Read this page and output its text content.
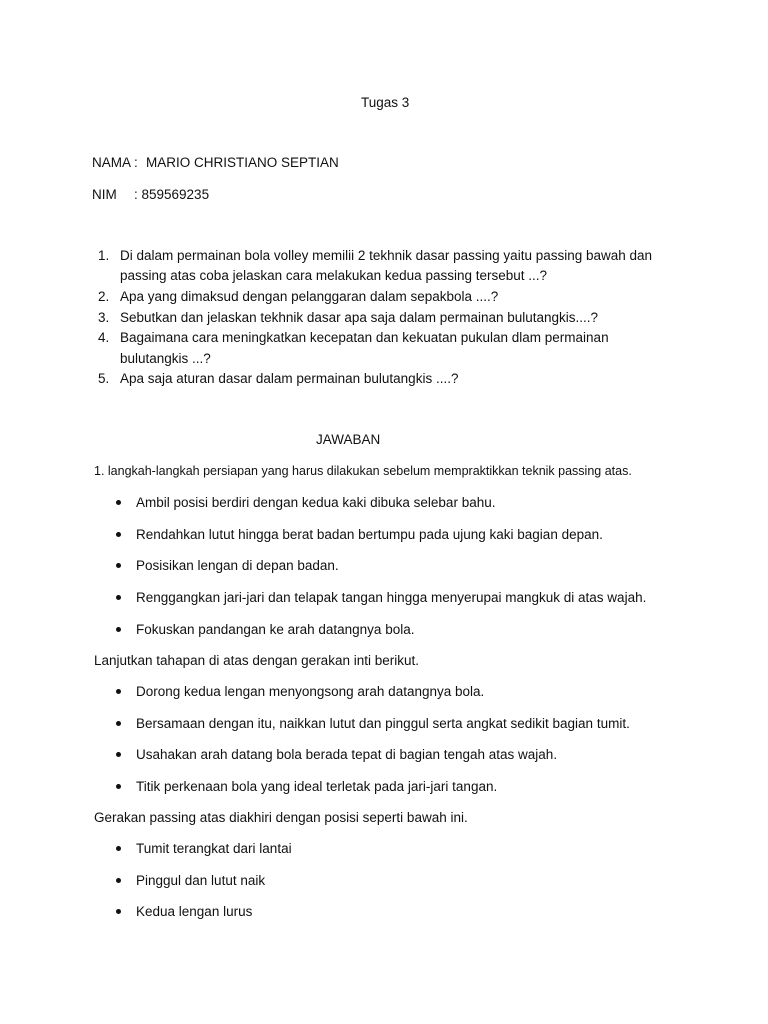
Tugas 3
NAMA : MARIO CHRISTIANO SEPTIAN
NIM : 859569235
1. Di dalam permainan bola volley memilii 2 tekhnik dasar passing yaitu passing bawah dan
passing atas coba jelaskan cara melakukan kedua passing tersebut ...?
2. Apa yang dimaksud dengan pelanggaran dalam sepakbola ....?
3. Sebutkan dan jelaskan tekhnik dasar apa saja dalam permainan bulutangkis....?
4. Bagaimana cara meningkatkan kecepatan dan kekuatan pukulan dlam permainan
bulutangkis ...?
5. Apa saja aturan dasar dalam permainan bulutangkis ....?
JAWABAN
1. langkah-langkah persiapan yang harus dilakukan sebelum mempraktikkan teknik passing atas.
Ambil posisi berdiri dengan kedua kaki dibuka selebar bahu.
Rendahkan lutut hingga berat badan bertumpu pada ujung kaki bagian depan.
Posisikan lengan di depan badan.
Renggangkan jari-jari dan telapak tangan hingga menyerupai mangkuk di atas wajah.
Fokuskan pandangan ke arah datangnya bola.
Lanjutkan tahapan di atas dengan gerakan inti berikut.
Dorong kedua lengan menyongsong arah datangnya bola.
Bersamaan dengan itu, naikkan lutut dan pinggul serta angkat sedikit bagian tumit.
Usahakan arah datang bola berada tepat di bagian tengah atas wajah.
Titik perkenaan bola yang ideal terletak pada jari-jari tangan.
Gerakan passing atas diakhiri dengan posisi seperti bawah ini.
Tumit terangkat dari lantai
Pinggul dan lutut naik
Kedua lengan lurus
